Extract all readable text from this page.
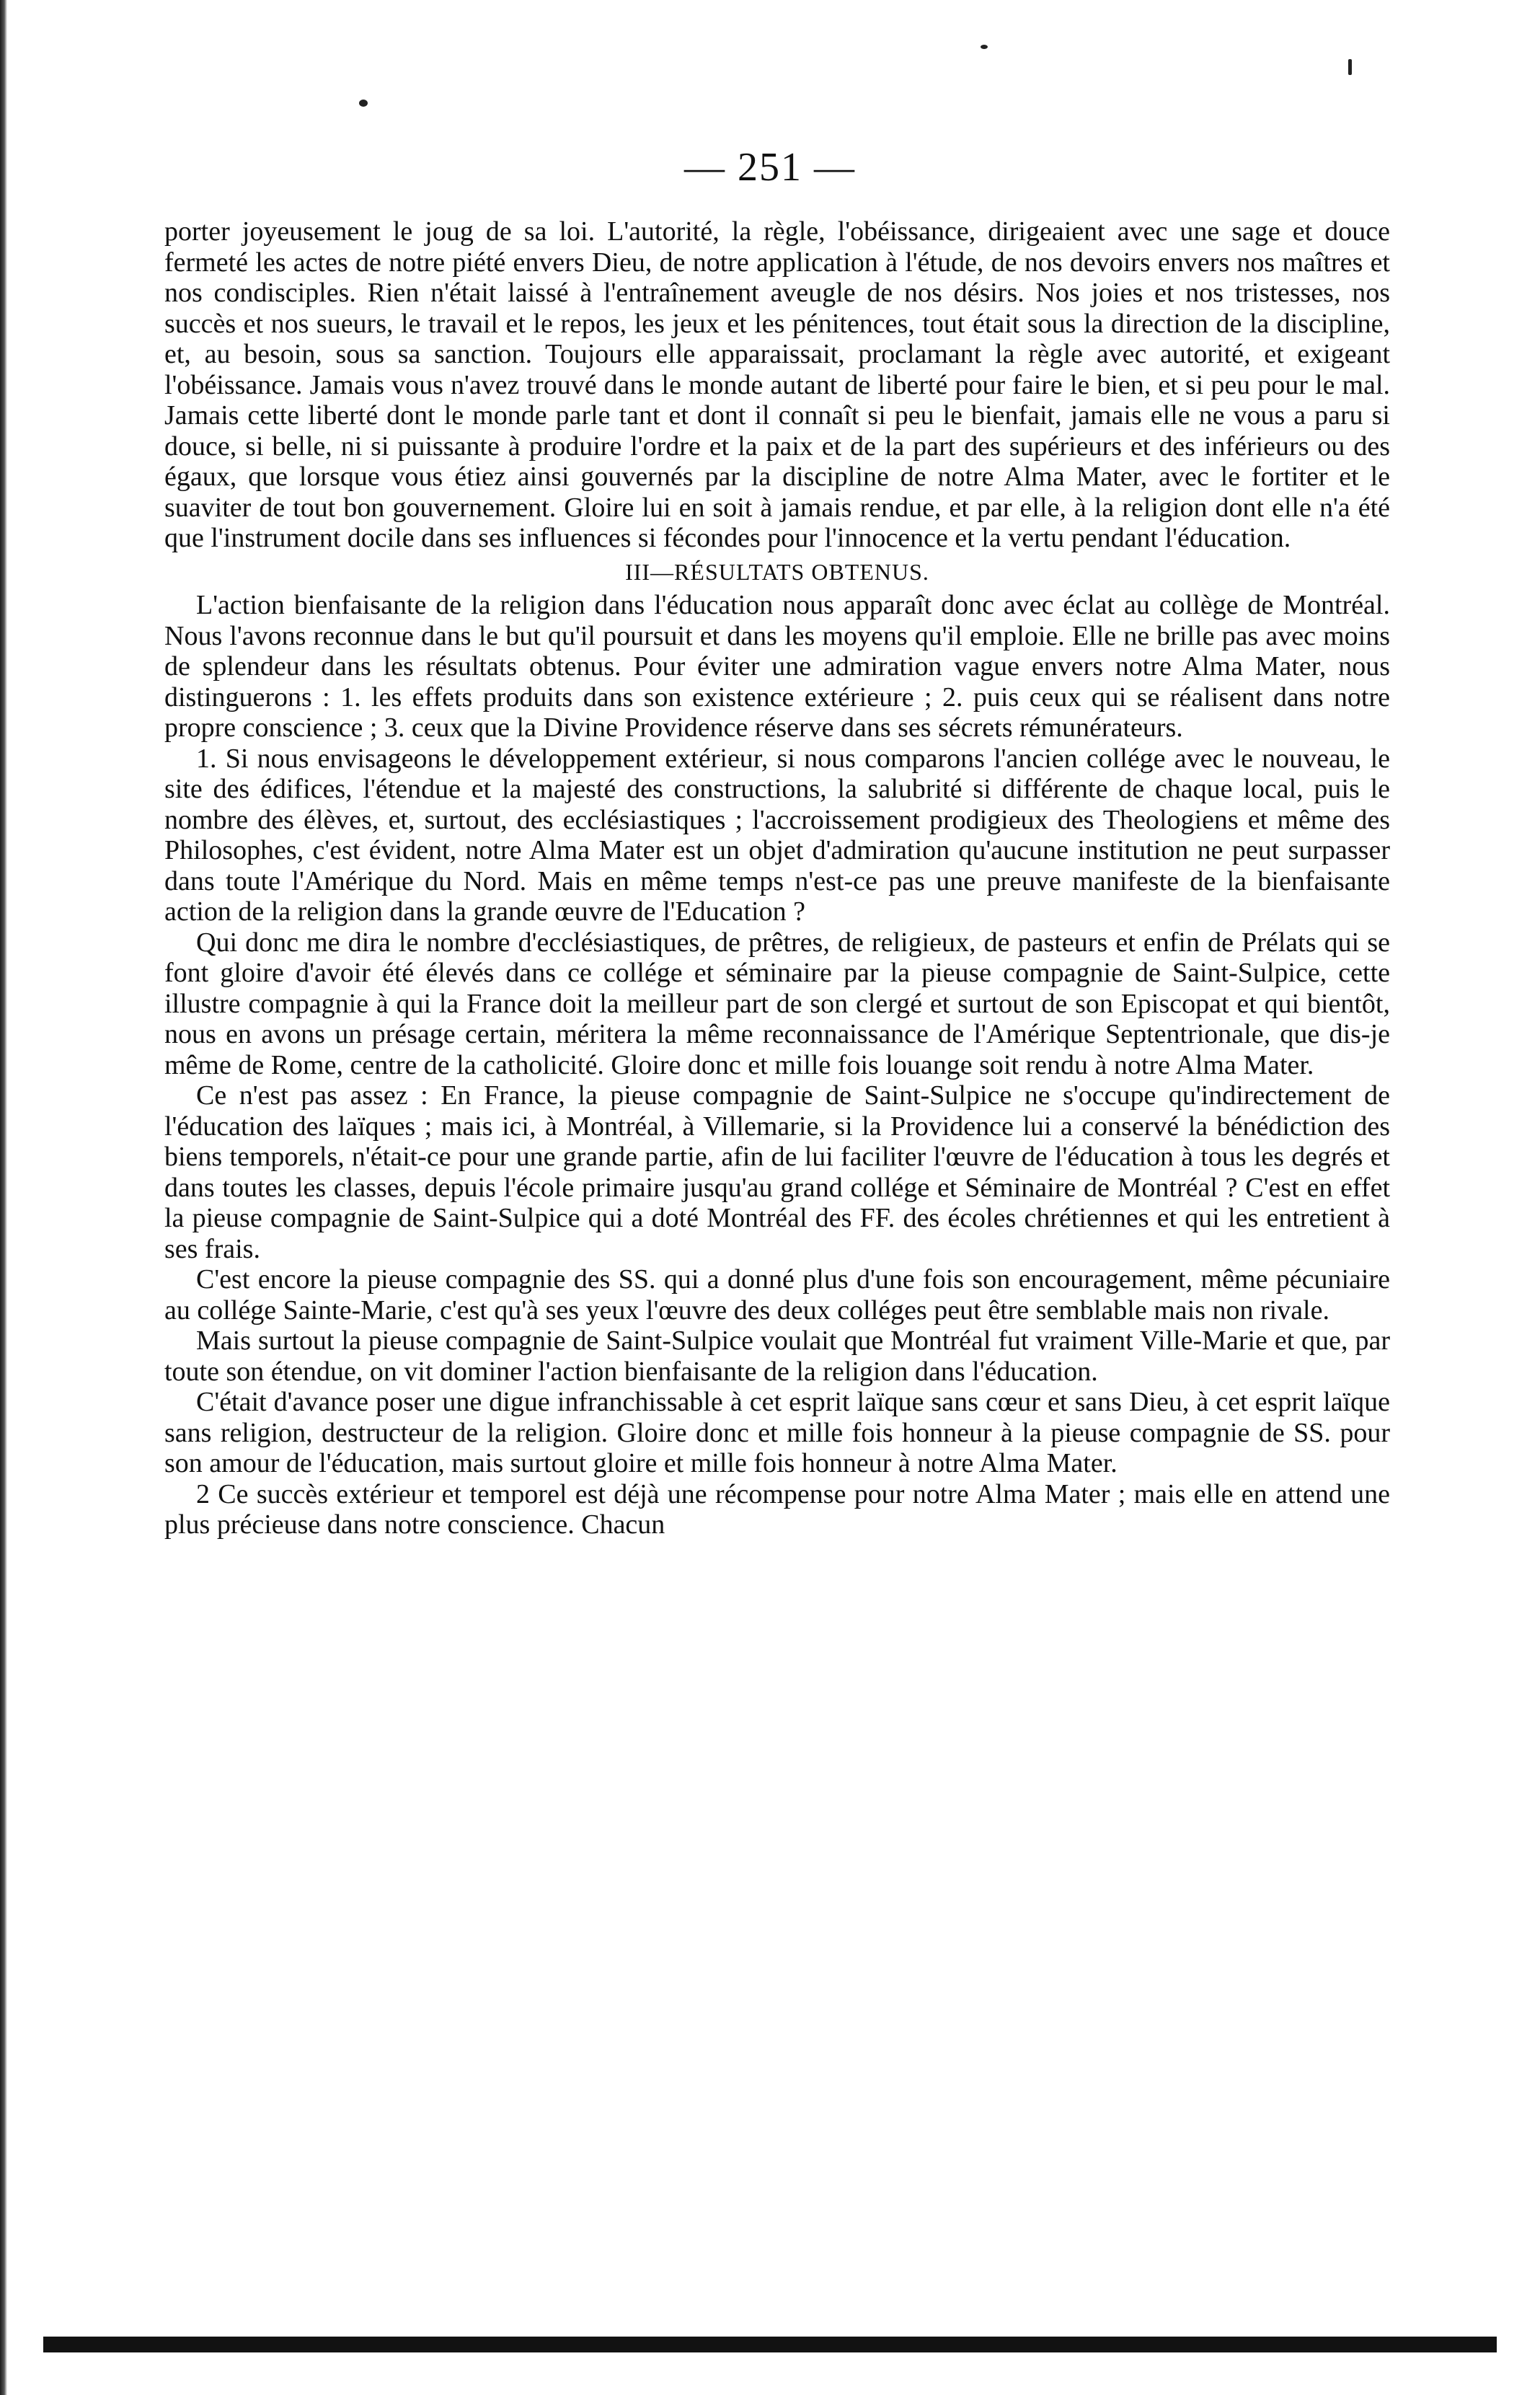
— 251 —

porter joyeusement le joug de sa loi. L'autorité, la règle, l'obéissance, dirigeaient avec une sage et douce fermeté les actes de notre piété envers Dieu, de notre application à l'étude, de nos devoirs envers nos maîtres et nos condisciples. Rien n'était laissé à l'entraînement aveugle de nos désirs. Nos joies et nos tristesses, nos succès et nos sueurs, le travail et le repos, les jeux et les pénitences, tout était sous la direction de la discipline, et, au besoin, sous sa sanction. Toujours elle apparaissait, proclamant la règle avec autorité, et exigeant l'obéissance. Jamais vous n'avez trouvé dans le monde autant de liberté pour faire le bien, et si peu pour le mal. Jamais cette liberté dont le monde parle tant et dont il connaît si peu le bienfait, jamais elle ne vous a paru si douce, si belle, ni si puissante à produire l'ordre et la paix et de la part des supérieurs et des inférieurs ou des égaux, que lorsque vous étiez ainsi gouvernés par la discipline de notre Alma Mater, avec le fortiter et le suaviter de tout bon gouvernement. Gloire lui en soit à jamais rendue, et par elle, à la religion dont elle n'a été que l'instrument docile dans ses influences si fécondes pour l'innocence et la vertu pendant l'éducation.

III—RÉSULTATS OBTENUS.

L'action bienfaisante de la religion dans l'éducation nous apparaît donc avec éclat au collège de Montréal. Nous l'avons reconnue dans le but qu'il poursuit et dans les moyens qu'il emploie. Elle ne brille pas avec moins de splendeur dans les résultats obtenus. Pour éviter une admiration vague envers notre Alma Mater, nous distinguerons : 1. les effets produits dans son existence extérieure ; 2. puis ceux qui se réalisent dans notre propre conscience ; 3. ceux que la Divine Providence réserve dans ses sécrets rémunérateurs.

1. Si nous envisageons le développement extérieur, si nous comparons l'ancien collége avec le nouveau, le site des édifices, l'étendue et la majesté des constructions, la salubrité si différente de chaque local, puis le nombre des élèves, et, surtout, des ecclésiastiques ; l'accroissement prodigieux des Theologiens et même des Philosophes, c'est évident, notre Alma Mater est un objet d'admiration qu'aucune institution ne peut surpasser dans toute l'Amérique du Nord. Mais en même temps n'est-ce pas une preuve manifeste de la bienfaisante action de la religion dans la grande œuvre de l'Education ?

Qui donc me dira le nombre d'ecclésiastiques, de prêtres, de religieux, de pasteurs et enfin de Prélats qui se font gloire d'avoir été élevés dans ce collége et séminaire par la pieuse compagnie de Saint-Sulpice, cette illustre compagnie à qui la France doit la meilleur part de son clergé et surtout de son Episcopat et qui bientôt, nous en avons un présage certain, méritera la même reconnaissance de l'Amérique Septentrionale, que dis-je même de Rome, centre de la catholicité. Gloire donc et mille fois louange soit rendu à notre Alma Mater.

Ce n'est pas assez : En France, la pieuse compagnie de Saint-Sulpice ne s'occupe qu'indirectement de l'éducation des laïques ; mais ici, à Montréal, à Villemarie, si la Providence lui a conservé la bénédiction des biens temporels, n'était-ce pour une grande partie, afin de lui faciliter l'œuvre de l'éducation à tous les degrés et dans toutes les classes, depuis l'école primaire jusqu'au grand collége et Séminaire de Montréal ? C'est en effet la pieuse compagnie de Saint-Sulpice qui a doté Montréal des FF. des écoles chrétiennes et qui les entretient à ses frais.

C'est encore la pieuse compagnie des SS. qui a donné plus d'une fois son encouragement, même pécuniaire au collége Sainte-Marie, c'est qu'à ses yeux l'œuvre des deux colléges peut être semblable mais non rivale.

Mais surtout la pieuse compagnie de Saint-Sulpice voulait que Montréal fut vraiment Ville-Marie et que, par toute son étendue, on vit dominer l'action bienfaisante de la religion dans l'éducation.

C'était d'avance poser une digue infranchissable à cet esprit laïque sans cœur et sans Dieu, à cet esprit laïque sans religion, destructeur de la religion. Gloire donc et mille fois honneur à la pieuse compagnie de SS. pour son amour de l'éducation, mais surtout gloire et mille fois honneur à notre Alma Mater.

2 Ce succès extérieur et temporel est déjà une récompense pour notre Alma Mater ; mais elle en attend une plus précieuse dans notre conscience. Chacun
